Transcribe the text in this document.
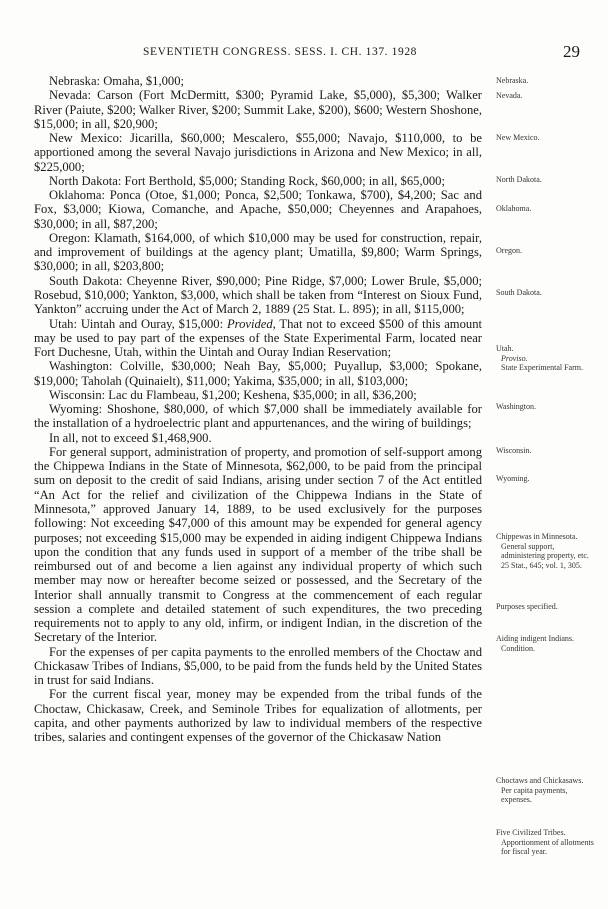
SEVENTIETH CONGRESS. SESS. I. CH. 137. 1928	29

Nebraska: Omaha, $1,000;

Nevada: Carson (Fort McDermitt, $300; Pyramid Lake, $5,000), $5,300; Walker River (Paiute, $200; Walker River, $200; Summit Lake, $200), $600; Western Shoshone, $15,000; in all, $20,900;

New Mexico: Jicarilla, $60,000; Mescalero, $55,000; Navajo, $110,000, to be apportioned among the several Navajo jurisdictions in Arizona and New Mexico; in all, $225,000;

North Dakota: Fort Berthold, $5,000; Standing Rock, $60,000; in all, $65,000;

Oklahoma: Ponca (Otoe, $1,000; Ponca, $2,500; Tonkawa, $700), $4,200; Sac and Fox, $3,000; Kiowa, Comanche, and Apache, $50,000; Cheyennes and Arapahoes, $30,000; in all, $87,200;

Oregon: Klamath, $164,000, of which $10,000 may be used for construction, repair, and improvement of buildings at the agency plant; Umatilla, $9,800; Warm Springs, $30,000; in all, $203,800;

South Dakota: Cheyenne River, $90,000; Pine Ridge, $7,000; Lower Brule, $5,000; Rosebud, $10,000; Yankton, $3,000, which shall be taken from “Interest on Sioux Fund, Yankton” accruing under the Act of March 2, 1889 (25 Stat. L. 895); in all, $115,000;

Utah: Uintah and Ouray, $15,000: Provided, That not to exceed $500 of this amount may be used to pay part of the expenses of the State Experimental Farm, located near Fort Duchesne, Utah, within the Uintah and Ouray Indian Reservation;

Washington: Colville, $30,000; Neah Bay, $5,000; Puyallup, $3,000; Spokane, $19,000; Taholah (Quinaielt), $11,000; Yakima, $35,000; in all, $103,000;

Wisconsin: Lac du Flambeau, $1,200; Keshena, $35,000; in all, $36,200;

Wyoming: Shoshone, $80,000, of which $7,000 shall be immediately available for the installation of a hydroelectric plant and appurtenances, and the wiring of buildings;

In all, not to exceed $1,468,900.

For general support, administration of property, and promotion of self-support among the Chippewa Indians in the State of Minnesota, $62,000, to be paid from the principal sum on deposit to the credit of said Indians, arising under section 7 of the Act entitled “An Act for the relief and civilization of the Chippewa Indians in the State of Minnesota,” approved January 14, 1889, to be used exclusively for the purposes following: Not exceeding $47,000 of this amount may be expended for general agency purposes; not exceeding $15,000 may be expended in aiding indigent Chippewa Indians upon the condition that any funds used in support of a member of the tribe shall be reimbursed out of and become a lien against any individual property of which such member may now or hereafter become seized or possessed, and the Secretary of the Interior shall annually transmit to Congress at the commencement of each regular session a complete and detailed statement of such expenditures, the two preceding requirements not to apply to any old, infirm, or indigent Indian, in the discretion of the Secretary of the Interior.

For the expenses of per capita payments to the enrolled members of the Choctaw and Chickasaw Tribes of Indians, $5,000, to be paid from the funds held by the United States in trust for said Indians.

For the current fiscal year, money may be expended from the tribal funds of the Choctaw, Chickasaw, Creek, and Seminole Tribes for equalization of allotments, per capita, and other payments authorized by law to individual members of the respective tribes, salaries and contingent expenses of the governor of the Chickasaw Nation

Nebraska.
Nevada.
New Mexico.
North Dakota.
Oklahoma.
Oregon.
South Dakota.
Utah.
Proviso.
State Experimental Farm.
Washington.
Wisconsin.
Wyoming.
Chippewas in Minnesota.
General support, administering property, etc.
25 Stat., 645; vol. 1, 305.
Purposes specified.
Aiding indigent Indians.
Condition.
Choctaws and Chickasaws.
Per capita payments, expenses.
Five Civilized Tribes.
Apportionment of allotments for fiscal year.
